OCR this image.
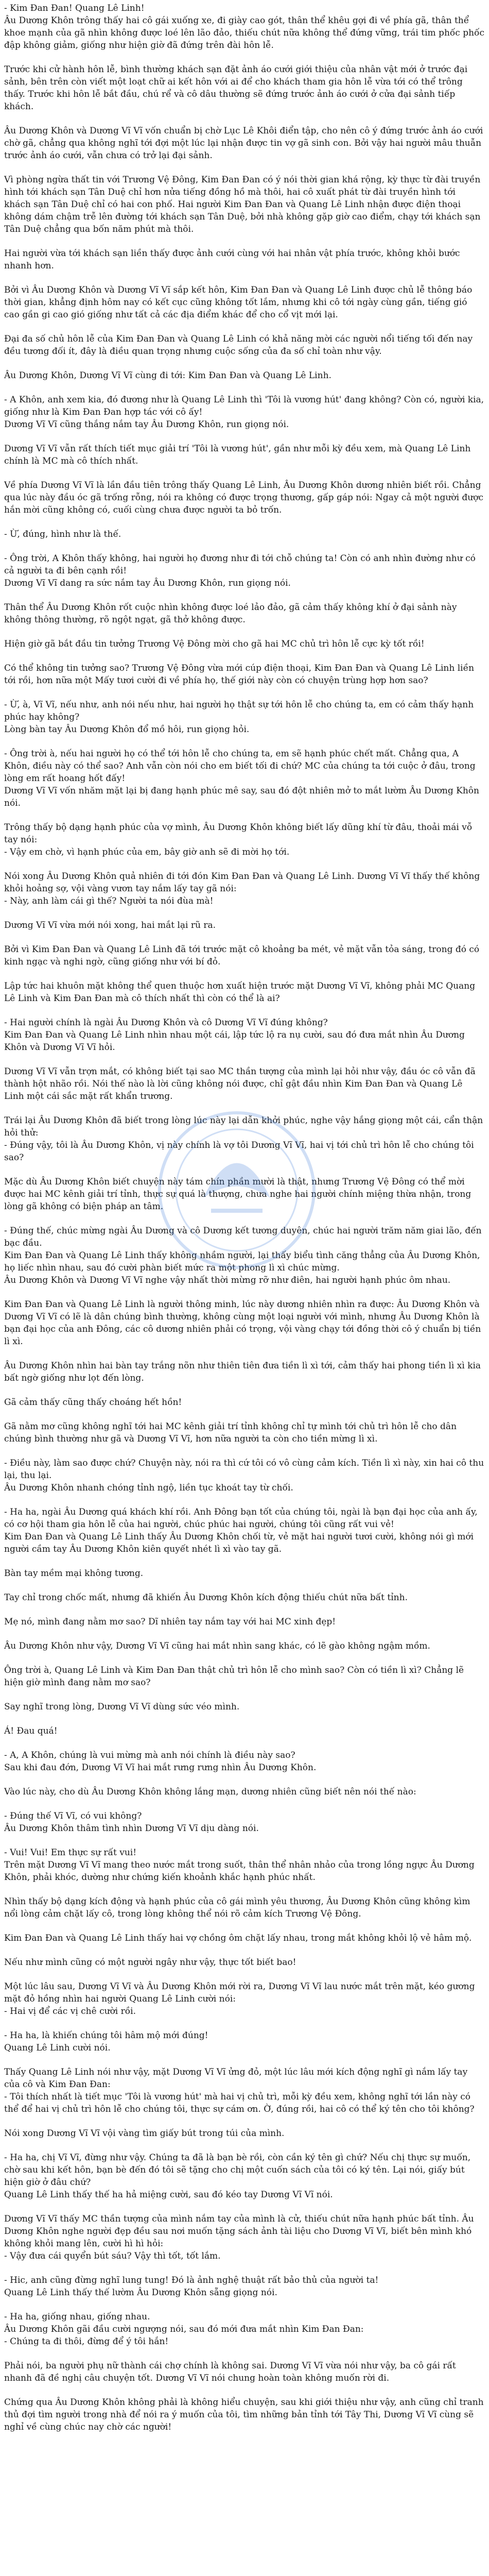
- Kim Đan Đan! Quang Lê Linh!
Âu Dương Khôn trông thấy hai cô gái xuống xe, đi giày cao gót, thân thể khêu gợi đi về phía gã, thân thể khoe mạnh của gã nhìn không được loé lên lão đảo, thiếu chút nữa không thể đứng vững, trái tim phốc phốc đập không giảm, giống như hiện giờ đã đứng trên đài hôn lễ.

Trước khi cử hành hôn lễ, bình thường khách sạn đặt ảnh áo cưới giới thiệu của nhân vật mới ở trước đại sảnh, bên trên còn viết một loạt chữ ai kết hôn với ai để cho khách tham gia hôn lễ vừa tới có thể trông thấy. Trước khi hôn lễ bắt đầu, chú rể và cô dâu thường sẽ đứng trước ảnh áo cưới ở cửa đại sảnh tiếp khách.

Âu Dương Khôn và Dương Vĩ Vĩ vốn chuẩn bị chờ Lục Lê Khôi điển tập, cho nên cô ý đứng trước ảnh áo cưới chờ gã, chẳng qua không nghĩ tới đợi một lúc lại nhận được tin vợ gã sinh con. Bởi vậy hai người mâu thuẫn trước ảnh áo cưới, vẫn chưa có trở lại đại sảnh.

Vì phòng ngừa thất tin với Trương Vệ Đông, Kim Đan Đan có ý nói thời gian khá rộng, kỳ thực từ đài truyền hình tới khách sạn Tân Duệ chỉ hơn nửa tiếng đồng hồ mà thôi, hai cô xuất phát từ đài truyền hình tới khách sạn Tân Duệ chỉ có hai con phố. Hai người Kim Đan Đan và Quang Lê Linh nhận được điện thoại không dám chậm trễ lên đường tới khách sạn Tân Duệ, bởi nhà không gặp giờ cao điểm, chạy tới khách sạn Tân Duệ chẳng qua bốn năm phút mà thôi.

Hai người vừa tới khách sạn liền thấy được ảnh cưới cùng với hai nhân vật phía trước, không khỏi bước nhanh hơn.

Bởi vì Âu Dương Khôn và Dương Vĩ Vĩ sắp kết hôn, Kim Đan Đan và Quang Lê Linh được chủ lễ thông báo thời gian, khẳng định hôm nay có kết cục cũng không tốt lắm, nhưng khi cô tới ngày cùng gần, tiếng gió cao gần gi cao gió giống như tất cả các địa điểm khác để cho cổ vịt mới lại.

Đại đa số chủ hôn lễ của Kim Đan Đan và Quang Lê Linh có khả năng mời các người nổi tiếng tối đến nay đều tương đối ít, đây là điều quan trọng nhưng cuộc sống của đa số chỉ toàn như vậy.

Âu Dương Khôn, Dương Vĩ Vĩ cùng đi tới: Kim Đan Đan và Quang Lê Linh.

- A Khôn, anh xem kia, đó đương như là Quang Lê Linh thì 'Tôi là vương hút' đang không? Còn có, người kia, giống như là Kim Đan Đan hợp tác với cô ấy!
Dương Vĩ Vĩ cũng thắng nắm tay Âu Dương Khôn, run giọng nói.

Dương Vĩ Vĩ vẫn rất thích tiết mục giải trí 'Tôi là vương hút', gần như mỗi kỳ đều xem, mà Quang Lê Linh chính là MC mà cô thích nhất.

Về phía Dương Vĩ Vĩ là lần đầu tiên trông thấy Quang Lê Linh, Âu Dương Khôn dương nhiên biết rồi. Chẳng qua lúc này đầu óc gã trống rỗng, nói ra không có được trọng thương, gấp gáp nói: Ngay cả một người được hắn mời cũng không có, cuối cùng chưa được người ta bỏ trốn.

- Ừ, đúng, hình như là thế.

- Ông trời, A Khôn thấy không, hai người họ đương như đi tới chỗ chúng ta! Còn có anh nhìn đường như có cả người ta đi bên cạnh rồi!
Dương Vĩ Vĩ dang ra sức nắm tay Âu Dương Khôn, run giọng nói.

Thân thể Âu Dương Khôn rốt cuộc nhìn không được loé lảo đảo, gã cảm thấy không khí ở đại sảnh này không thông thường, rõ ngột ngạt, gã thở không được.

Hiện giờ gã bắt đầu tin tưởng Trương Vệ Đông mời cho gã hai MC chủ trì hôn lễ cực kỳ tốt rồi!

Có thể không tin tưởng sao? Trương Vệ Đông vừa mới cúp điện thoại, Kim Đan Đan và Quang Lê Linh liền tới rồi, hơn nữa một Mấy tươi cười đi về phía họ, thế giới này còn có chuyện trùng hợp hơn sao?

- Ừ, à, Vĩ Vĩ, nếu như, anh nói nếu như, hai người họ thật sự tới hôn lễ cho chúng ta, em có cảm thấy hạnh phúc hay không?
Lòng bàn tay Âu Dương Khôn đổ mồ hôi, run giọng hỏi.

- Ông trời à, nếu hai người họ có thể tới hôn lễ cho chúng ta, em sẽ hạnh phúc chết mất. Chẳng qua, A Khôn, điều này có thể sao? Anh vẫn còn nói cho em biết tối đi chứ? MC của chúng ta tới cuộc ở đâu, trong lòng em rất hoang hốt đấy!
Dương Vĩ Vĩ vốn nhăm mặt lại bị đang hạnh phúc mê say, sau đó đột nhiên mở to mắt lườm Âu Dương Khôn nói.

Trông thấy bộ dạng hạnh phúc của vợ mình, Âu Dương Khôn không biết lấy dũng khí từ đâu, thoải mái vỗ tay nói:
- Vậy em chờ, vì hạnh phúc của em, bây giờ anh sẽ đi mời họ tới.

Nói xong Âu Dương Khôn quả nhiên đi tới đón Kim Đan Đan và Quang Lê Linh. Dương Vĩ Vĩ thấy thế không khỏi hoảng sợ, vội vàng vươn tay nắm lấy tay gã nói:
- Này, anh làm cái gì thế? Người ta nói đùa mà!

Dương Vĩ Vĩ vừa mới nói xong, hai mắt lại rũ ra.

Bởi vì Kim Đan Đan và Quang Lê Linh đã tới trước mặt cô khoảng ba mét, vẻ mặt vẫn tỏa sáng, trong đó có kinh ngạc và nghi ngờ, cũng giống như với bí đỏ.

Lập tức hai khuôn mặt không thể quen thuộc hơn xuất hiện trước mặt Dương Vĩ Vĩ, không phải MC Quang Lê Linh và Kim Đan Đan mà cô thích nhất thì còn có thể là ai?

- Hai người chính là ngài Âu Dương Khôn và cô Dương Vĩ Vĩ đúng không?
Kim Đan Đan và Quang Lê Linh nhìn nhau một cái, lập tức lộ ra nụ cười, sau đó đưa mắt nhìn Âu Dương Khôn và Dương Vĩ Vĩ hỏi.

Dương Vĩ Vĩ vẫn trợn mắt, có không biết tại sao MC thần tượng của mình lại hỏi như vậy, đầu óc cô vẫn đã thành hột nhão rồi. Nói thế nào là lời cũng không nói được, chỉ gật đầu nhìn Kim Đan Đan và Quang Lê Linh một cái sắc mặt rất khẩn trương.

Trái lại Âu Dương Khôn đã biết trong lòng lúc này lại dẫn khởi phúc, nghe vậy hắng giọng một cái, cẩn thận hỏi thử:
- Đúng vậy, tôi là Âu Dương Khôn, vị này chính là vợ tôi Dương Vĩ Vĩ, hai vị tới chủ trì hôn lễ cho chúng tôi sao?

Mặc dù Âu Dương Khôn biết chuyện này tám chín phần mười là thật, nhưng Trương Vệ Đông có thể mời được hai MC kênh giải trí tỉnh, thực sự quá là thượng, chưa nghe hai người chính miệng thừa nhận, trong lòng gã không có biện pháp an tâm.

- Đúng thế, chúc mừng ngài Âu Dương và cô Dương kết tương duyên, chúc hai người trăm năm giai lão, đến bạc đầu.
Kim Đan Đan và Quang Lê Linh thấy không nhầm người, lại thấy biểu tình căng thẳng của Âu Dương Khôn, họ liếc nhìn nhau, sau đó cười phàn biết mức ra một phong lì xì chúc mừng.
Âu Dương Khôn và Dương Vĩ Vĩ nghe vậy nhất thời mừng rỡ như điên, hai người hạnh phúc ôm nhau.

Kim Đan Đan và Quang Lê Linh là người thông minh, lúc này dương nhiên nhìn ra được: Âu Dương Khôn và Dương Vĩ Vĩ có lẽ là dân chúng bình thường, không cùng một loại người với mình, nhưng Âu Dương Khôn là bạn đại học của anh Đông, các cô dương nhiên phải có trọng, vội vàng chạy tới đồng thời cô ý chuẩn bị tiền lì xì.

Âu Dương Khôn nhìn hai bàn tay trắng nõn như thiên tiên đưa tiền lì xì tới, cảm thấy hai phong tiền lì xì kia bất ngờ giống như lọt đến lòng.

Gã cảm thấy cũng thấy choáng hết hồn!

Gã nằm mơ cũng không nghĩ tới hai MC kênh giải trí tỉnh không chỉ tự mình tới chủ trì hôn lễ cho dân chúng bình thường như gã và Dương Vĩ Vĩ, hơn nữa người ta còn cho tiền mừng lì xì.

- Điều này, làm sao được chứ? Chuyện này, nói ra thì cứ tôi có vô cùng cảm kích. Tiền lì xì này, xin hai cô thu lại, thu lại.
Âu Dương Khôn nhanh chóng tỉnh ngộ, liền tục khoát tay từ chối.

- Ha ha, ngài Âu Dương quá khách khí rồi. Anh Đông bạn tốt của chúng tôi, ngài là bạn đại học của anh ấy, có cơ hội tham gia hôn lễ của hai người, chúc phúc hai người, chúng tôi cũng rất vui vẻ!
Kim Đan Đan và Quang Lê Linh thấy Âu Dương Khôn chối từ, vẻ mặt hai người tươi cười, không nói gì mới người cầm tay Âu Dương Khôn kiên quyết nhét lì xì vào tay gã.

Bàn tay mềm mại không tương.

Tay chỉ trong chốc mất, nhưng đã khiến Âu Dương Khôn kích động thiếu chút nữa bất tỉnh.

Mẹ nó, mình đang nằm mơ sao? Dĩ nhiên tay nắm tay với hai MC xinh đẹp!

Âu Dương Khôn như vậy, Dương Vĩ Vĩ cũng hai mắt nhìn sang khác, có lẽ gào không ngậm mồm.

Ông trời à, Quang Lê Linh và Kim Đan Đan thật chủ trì hôn lễ cho mình sao? Còn có tiền lì xì? Chẳng lẽ hiện giờ mình đang nằm mơ sao?

Say nghĩ trong lòng, Dương Vĩ Vĩ dùng sức véo mình.

Á! Đau quá!

- A, A Khôn, chúng là vui mừng mà anh nói chính là điều này sao?
Sau khi đau đớn, Dương Vĩ Vĩ hai mắt rưng rưng nhìn Âu Dương Khôn.

Vào lúc này, cho dù Âu Dương Khôn không lắng mạn, dương nhiên cũng biết nên nói thế nào:

- Đúng thế Vĩ Vĩ, có vui không?
Âu Dương Khôn thâm tình nhìn Dương Vĩ Vĩ dịu dàng nói.

- Vui! Vui! Em thực sự rất vui!
Trên mặt Dương Vĩ Vĩ mang theo nước mắt trong suốt, thân thể nhân nhảo của trong lồng ngực Âu Dương Khôn, phải khóc, dường như chứng kiến khoảnh khắc hạnh phúc nhất.

Nhìn thấy bộ dạng kích động và hạnh phúc của cô gái mình yêu thương, Âu Dương Khôn cũng không kìm nổi lòng cảm chặt lấy cô, trong lòng không thể nói rõ cảm kích Trương Vệ Đông.

Kim Đan Đan và Quang Lê Linh thấy hai vợ chồng ôm chặt lấy nhau, trong mắt không khỏi lộ vẻ hâm mộ.

Nếu như mình cũng có một người ngây như vậy, thực tốt biết bao!

Một lúc lâu sau, Dương Vĩ Vĩ và Âu Dương Khôn mới rời ra, Dương Vĩ Vĩ lau nước mắt trên mặt, kéo gương mặt đỏ hồng nhìn hai người Quang Lê Linh cười nói:
- Hai vị để các vị chê cười rồi.

- Ha ha, là khiến chúng tôi hâm mộ mới đúng!
Quang Lê Linh cười nói.

Thấy Quang Lê Linh nói như vậy, mặt Dương Vĩ Vĩ ửng đỏ, một lúc lâu mới kích động nghĩ gì nắm lấy tay của cô và Kim Đan Đan:
- Tôi thích nhất là tiết mục 'Tôi là vương hút' mà hai vị chủ trì, mỗi kỳ đều xem, không nghĩ tới lần này có thể để hai vị chủ trì hôn lễ cho chúng tôi, thực sự cám ơn. Ờ, đúng rồi, hai cô có thể ký tên cho tôi không?

Nói xong Dương Vĩ Vĩ vội vàng tìm giấy bút trong túi của mình.

- Ha ha, chị Vĩ Vĩ, đừng như vậy. Chúng ta đã là bạn bè rồi, còn cần ký tên gì chứ? Nếu chị thực sự muốn, chờ sau khi kết hôn, bạn bè đến đó tôi sẽ tặng cho chị một cuốn sách của tôi có ký tên. Lại nói, giấy bút hiện giờ ở đâu chứ?
Quang Lê Linh thấy thế ha hả miệng cười, sau đó kéo tay Dương Vĩ Vĩ nói.

Dương Vĩ Vĩ thấy MC thần tượng của mình nắm tay của mình là cử, thiếu chút nữa hạnh phúc bất tỉnh. Âu Dương Khôn nghe người đẹp đều sau nơi muốn tặng sách ảnh tài liệu cho Dương Vĩ Vĩ, biết bên mình khó không khỏi mang lên, cười hì hì hỏi:
- Vậy đưa cái quyển bút sáu? Vậy thì tốt, tốt lắm.

- Hic, anh cũng đừng nghĩ lung tung! Đó là ảnh nghệ thuật rất bảo thủ của người ta!
Quang Lê Linh thấy thế lườm Âu Dương Khôn sẵng giọng nói.

- Ha ha, giống nhau, giống nhau.
Âu Dương Khôn gãi đầu cười ngượng nói, sau đó mới đưa mắt nhìn Kim Đan Đan:
- Chúng ta đi thôi, đừng để ý tôi hắn!

Phải nói, ba người phụ nữ thành cái chợ chính là không sai. Dương Vĩ Vĩ vừa nói như vậy, ba cô gái rất nhanh đã đề nghị câu chuyện tốt. Dương Vĩ Vĩ nói chung hoàn toàn không muốn rời đi.

Chứng qua Âu Dương Khôn không phải là không hiểu chuyện, sau khi giới thiệu như vậy, anh cũng chỉ tranh thủ đợi tìm người trong nhà để nói ra ý muốn của tôi, tìm những bản tỉnh tới Tây Thi, Dương Vĩ Vĩ cùng sẽ nghỉ về cùng chúc nay chờ các người!
